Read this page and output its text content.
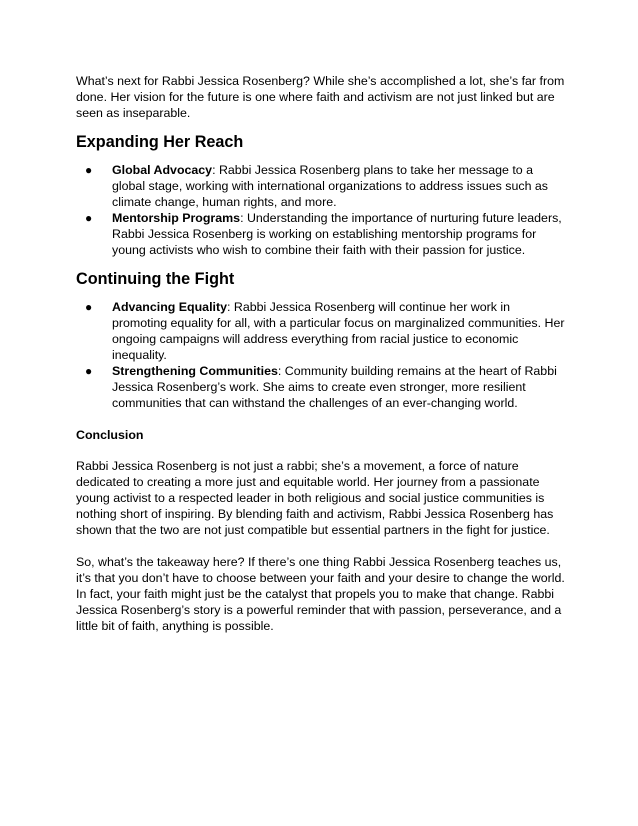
What’s next for Rabbi Jessica Rosenberg? While she’s accomplished a lot, she’s far from done. Her vision for the future is one where faith and activism are not just linked but are seen as inseparable.

Expanding Her Reach
● Global Advocacy: Rabbi Jessica Rosenberg plans to take her message to a global stage, working with international organizations to address issues such as climate change, human rights, and more.
● Mentorship Programs: Understanding the importance of nurturing future leaders, Rabbi Jessica Rosenberg is working on establishing mentorship programs for young activists who wish to combine their faith with their passion for justice.
Continuing the Fight
● Advancing Equality: Rabbi Jessica Rosenberg will continue her work in promoting equality for all, with a particular focus on marginalized communities. Her ongoing campaigns will address everything from racial justice to economic inequality.
● Strengthening Communities: Community building remains at the heart of Rabbi Jessica Rosenberg’s work. She aims to create even stronger, more resilient communities that can withstand the challenges of an ever-changing world.
Conclusion

Rabbi Jessica Rosenberg is not just a rabbi; she’s a movement, a force of nature dedicated to creating a more just and equitable world. Her journey from a passionate young activist to a respected leader in both religious and social justice communities is nothing short of inspiring. By blending faith and activism, Rabbi Jessica Rosenberg has shown that the two are not just compatible but essential partners in the fight for justice.

So, what’s the takeaway here? If there’s one thing Rabbi Jessica Rosenberg teaches us, it’s that you don’t have to choose between your faith and your desire to change the world. In fact, your faith might just be the catalyst that propels you to make that change. Rabbi Jessica Rosenberg’s story is a powerful reminder that with passion, perseverance, and a little bit of faith, anything is possible.
